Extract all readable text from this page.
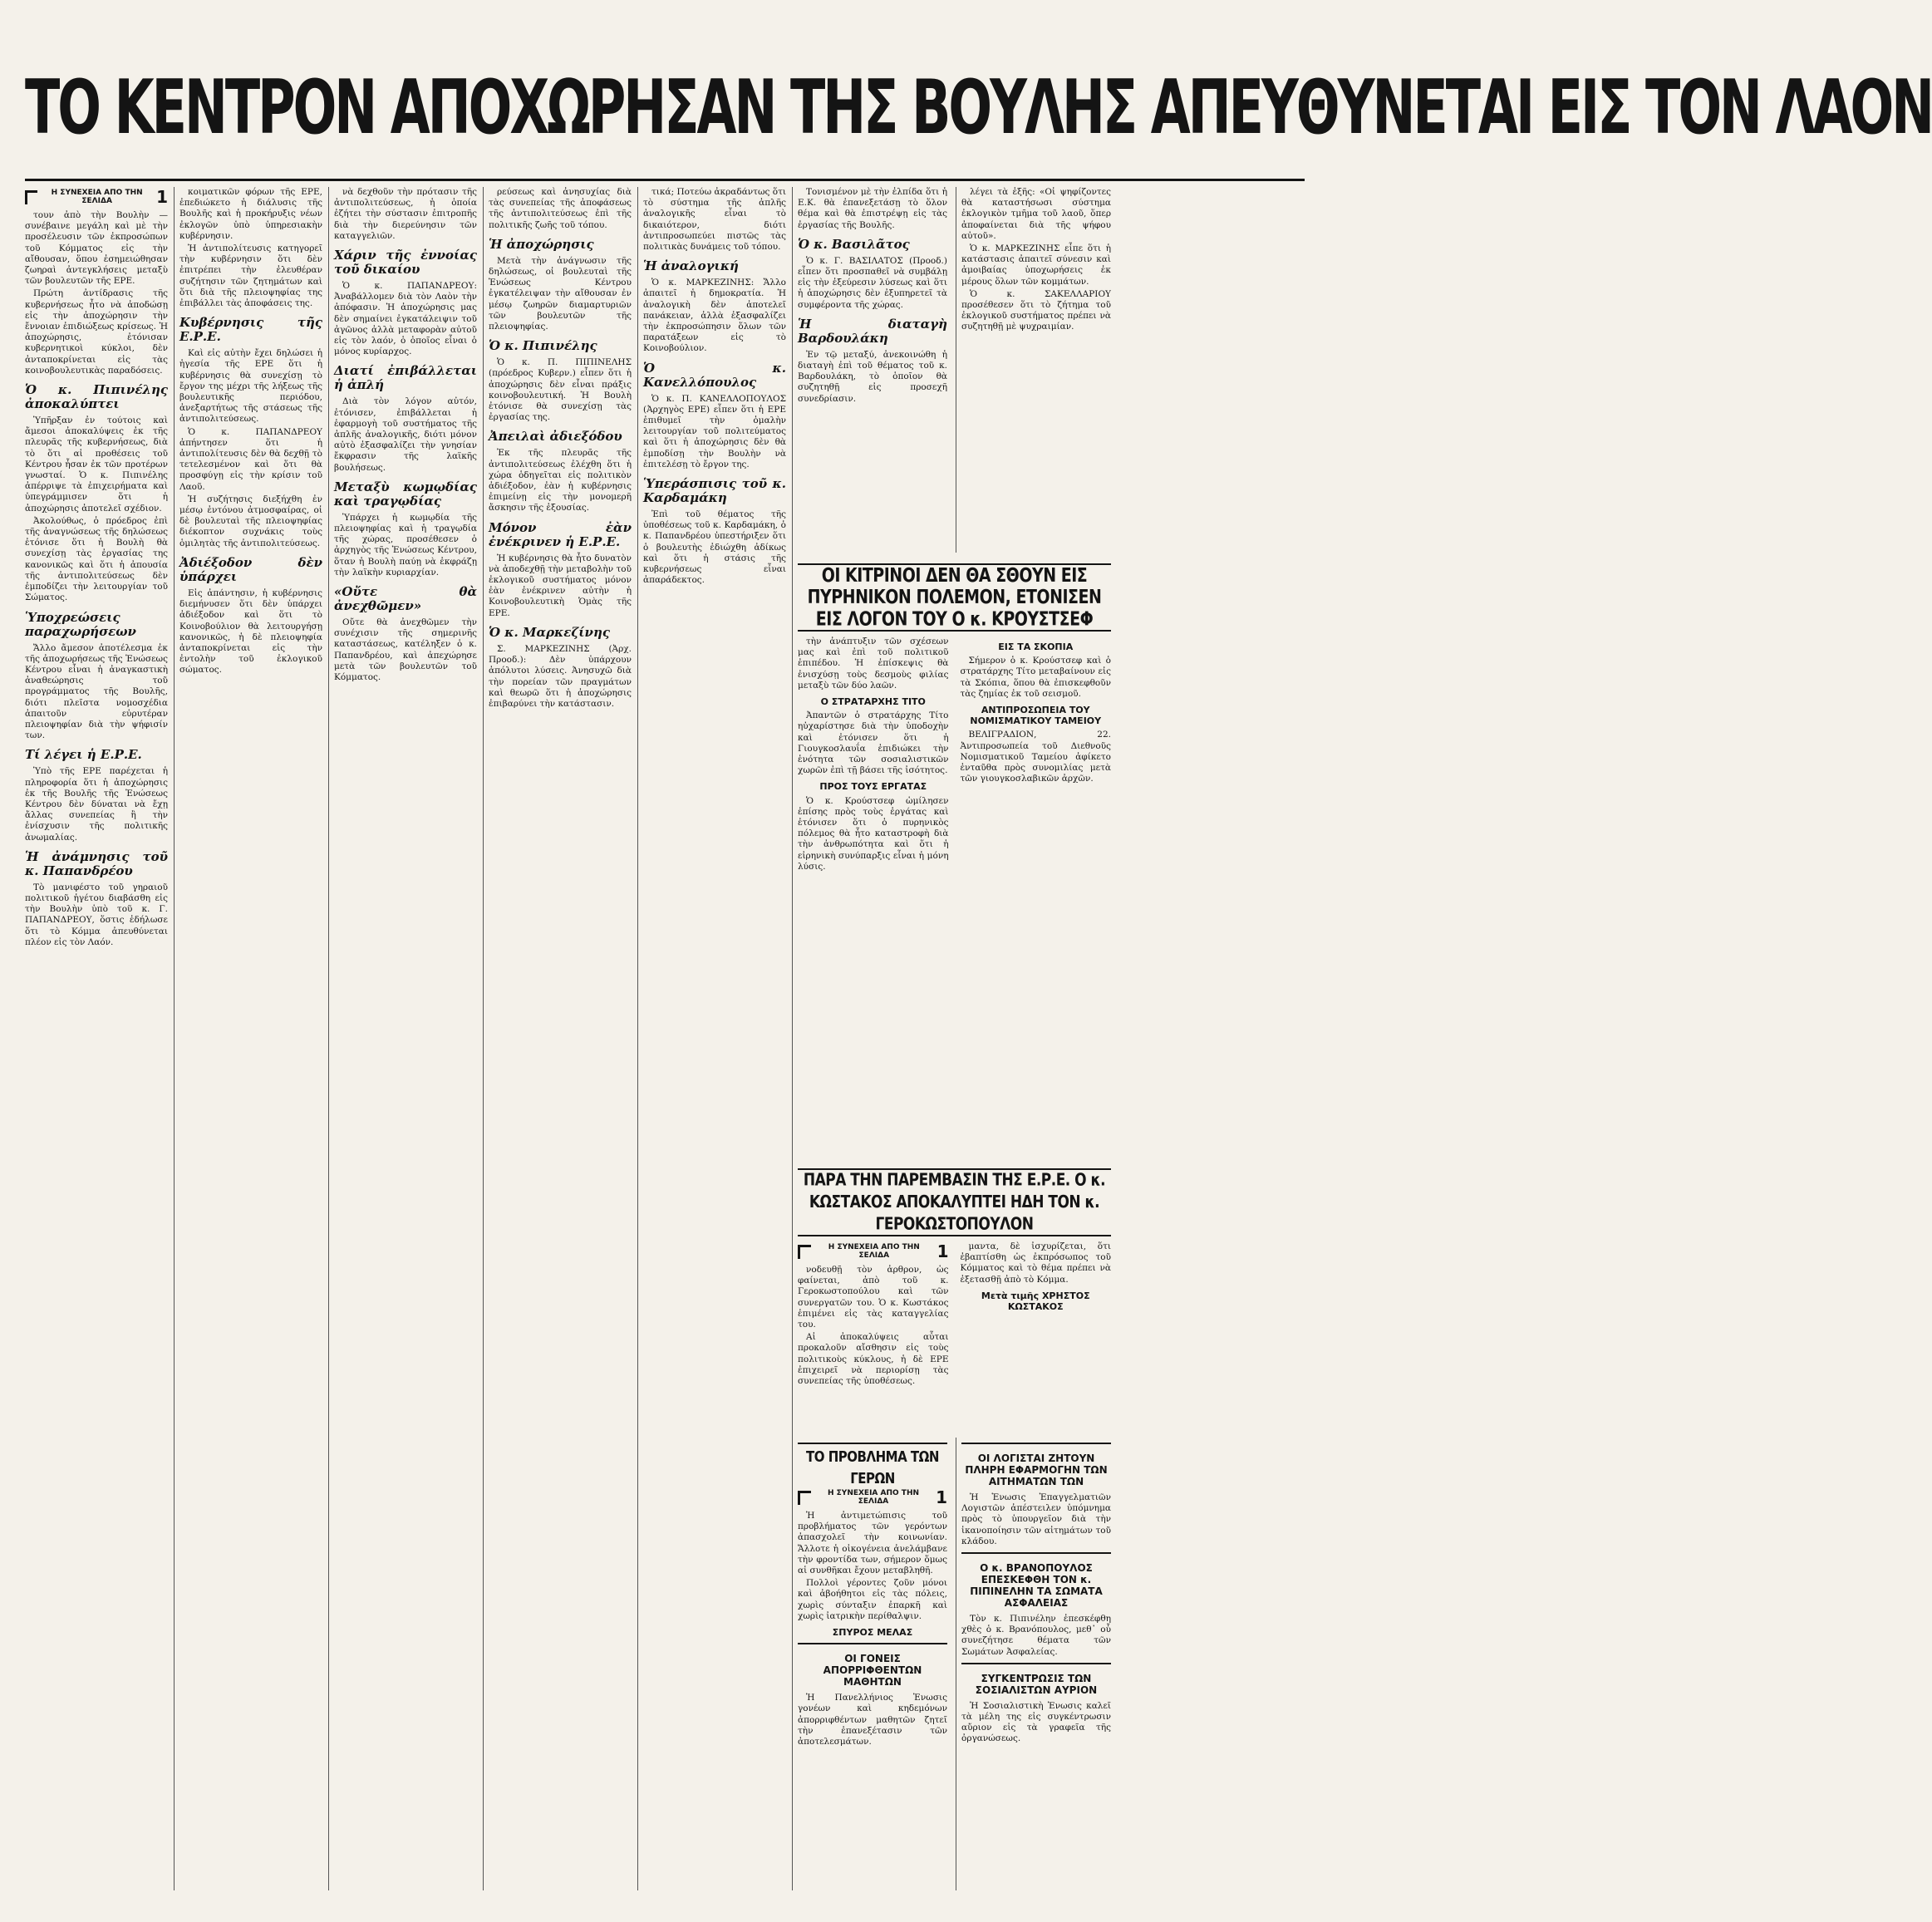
ΤΟ ΚΕΝΤΡΟΝ ΑΠΟΧΩΡΗΣΑΝ ΤΗΣ ΒΟΥΛΗΣ ΑΠΕΥΘΥΝΕΤΑΙ ΕΙΣ ΤΟΝ ΛΑΟΝ
Η ΣΥΝΕΧΕΙΑ ΑΠΟ ΤΗΝ ΣΕΛΙΔΑ	1

τουν ἀπὸ τὴν Βουλὴν — συνέβαινε μεγάλη καὶ μὲ τὴν προσέλευσιν τῶν ἐκπροσώπων τοῦ Κόμματος εἰς τὴν αἴθουσαν, ὅπου ἐσημειώθησαν ζωηραὶ ἀντεγκλήσεις μεταξὺ τῶν βουλευτῶν τῆς ΕΡΕ.

Πρώτη ἀντίδρασις τῆς κυβερνήσεως ἦτο νὰ ἀποδώσῃ εἰς τὴν ἀποχώρησιν τὴν ἔννοιαν ἐπιδιώξεως κρίσεως. Ἡ ἀποχώρησις, ἐτόνισαν κυβερνητικοὶ κύκλοι, δὲν ἀνταποκρίνεται εἰς τὰς κοινοβουλευτικὰς παραδόσεις.

Ὁ κ. Πιπινέλης ἀποκαλύπτει

Ὑπῆρξαν ἐν τούτοις καὶ ἄμεσοι ἀποκαλύψεις ἐκ τῆς πλευρᾶς τῆς κυβερνήσεως, διὰ τὸ ὅτι αἱ προθέσεις τοῦ Κέντρου ἦσαν ἐκ τῶν προτέρων γνωσταί. Ὁ κ. Πιπινέλης ἀπέρριψε τὰ ἐπιχειρήματα καὶ ὑπεγράμμισεν ὅτι ἡ ἀποχώρησις ἀποτελεῖ σχέδιον.

Ἀκολούθως, ὁ πρόεδρος ἐπὶ τῆς ἀναγνώσεως τῆς δηλώσεως ἐτόνισε ὅτι ἡ Βουλὴ θὰ συνεχίσῃ τὰς ἐργασίας της κανονικῶς καὶ ὅτι ἡ ἀπουσία τῆς ἀντιπολιτεύσεως δὲν ἐμποδίζει τὴν λειτουργίαν τοῦ Σώματος.

Ὑποχρεώσεις παραχωρήσεων

Ἄλλο ἄμεσον ἀποτέλεσμα ἐκ τῆς ἀποχωρήσεως τῆς Ἑνώσεως Κέντρου εἶναι ἡ ἀναγκαστικὴ ἀναθεώρησις τοῦ προγράμματος τῆς Βουλῆς, διότι πλεῖστα νομοσχέδια ἀπαιτοῦν εὐρυτέραν πλειοψηφίαν διὰ τὴν ψήφισίν των.

Τί λέγει ἡ Ε.Ρ.Ε.

Ὑπὸ τῆς ΕΡΕ παρέχεται ἡ πληροφορία ὅτι ἡ ἀποχώρησις ἐκ τῆς Βουλῆς τῆς Ἑνώσεως Κέντρου δὲν δύναται νὰ ἔχῃ ἄλλας συνεπείας ἢ τὴν ἐνίσχυσιν τῆς πολιτικῆς ἀνωμαλίας.

Ἡ ἀνάμνησις τοῦ κ. Παπανδρέου

Τὸ μανιφέστο τοῦ γηραιοῦ πολιτικοῦ ἡγέτου διαβάσθη εἰς τὴν Βουλὴν ὑπὸ τοῦ κ. Γ. ΠΑΠΑΝΔΡΕΟΥ, ὅστις ἐδήλωσε ὅτι τὸ Κόμμα ἀπευθύνεται πλέον εἰς τὸν Λαόν.

κοιματικῶν φόρων τῆς ΕΡΕ, ἐπεδιώκετο ἡ διάλυσις τῆς Βουλῆς καὶ ἡ προκήρυξις νέων ἐκλογῶν ὑπὸ ὑπηρεσιακὴν κυβέρνησιν.

Ἡ ἀντιπολίτευσις κατηγορεῖ τὴν κυβέρνησιν ὅτι δὲν ἐπιτρέπει τὴν ἐλευθέραν συζήτησιν τῶν ζητημάτων καὶ ὅτι διὰ τῆς πλειοψηφίας της ἐπιβάλλει τὰς ἀποφάσεις της.

Κυβέρνησις τῆς Ε.Ρ.Ε.

Καὶ εἰς αὐτὴν ἔχει δηλώσει ἡ ἡγεσία τῆς ΕΡΕ ὅτι ἡ κυβέρνησις θὰ συνεχίσῃ τὸ ἔργον της μέχρι τῆς λήξεως τῆς βουλευτικῆς περιόδου, ἀνεξαρτήτως τῆς στάσεως τῆς ἀντιπολιτεύσεως.

Ὁ κ. ΠΑΠΑΝΔΡΕΟΥ ἀπήντησεν ὅτι ἡ ἀντιπολίτευσις δὲν θὰ δεχθῇ τὸ τετελεσμένον καὶ ὅτι θὰ προσφύγῃ εἰς τὴν κρίσιν τοῦ Λαοῦ.

Ἡ συζήτησις διεξήχθη ἐν μέσῳ ἐντόνου ἀτμοσφαίρας, οἱ δὲ βουλευταὶ τῆς πλειοψηφίας διέκοπτον συχνάκις τοὺς ὁμιλητὰς τῆς ἀντιπολιτεύσεως.

Ἀδιέξοδον δὲν ὑπάρχει

Εἰς ἀπάντησιν, ἡ κυβέρνησις διεμήνυσεν ὅτι δὲν ὑπάρχει ἀδιέξοδον καὶ ὅτι τὸ Κοινοβούλιον θὰ λειτουργήσῃ κανονικῶς, ἡ δὲ πλειοψηφία ἀνταποκρίνεται εἰς τὴν ἐντολὴν τοῦ ἐκλογικοῦ σώματος.

νὰ δεχθοῦν τὴν πρότασιν τῆς ἀντιπολιτεύσεως, ἡ ὁποία ἐζήτει τὴν σύστασιν ἐπιτροπῆς διὰ τὴν διερεύνησιν τῶν καταγγελιῶν.

Χάριν τῆς ἐννοίας τοῦ δικαίου

Ὁ κ. ΠΑΠΑΝΔΡΕΟΥ: Ἀναβάλλομεν διὰ τὸν Λαὸν τὴν ἀπόφασιν. Ἡ ἀποχώρησις μας δὲν σημαίνει ἐγκατάλειψιν τοῦ ἀγῶνος ἀλλὰ μεταφορὰν αὐτοῦ εἰς τὸν λαόν, ὁ ὁποῖος εἶναι ὁ μόνος κυρίαρχος.

Διατί ἐπιβάλλεται ἡ ἀπλή

Διὰ τὸν λόγον αὐτόν, ἐτόνισεν, ἐπιβάλλεται ἡ ἐφαρμογὴ τοῦ συστήματος τῆς ἀπλῆς ἀναλογικῆς, διότι μόνον αὐτὸ ἐξασφαλίζει τὴν γνησίαν ἔκφρασιν τῆς λαϊκῆς βουλήσεως.

Μεταξὺ κωμῳδίας καὶ τραγῳδίας

Ὑπάρχει ἡ κωμῳδία τῆς πλειοψηφίας καὶ ἡ τραγῳδία τῆς χώρας, προσέθεσεν ὁ ἀρχηγὸς τῆς Ἑνώσεως Κέντρου, ὅταν ἡ Βουλὴ παύῃ νὰ ἐκφράζῃ τὴν λαϊκὴν κυριαρχίαν.

«Οὔτε θὰ ἀνεχθῶμεν»

Οὔτε θὰ ἀνεχθῶμεν τὴν συνέχισιν τῆς σημερινῆς καταστάσεως, κατέληξεν ὁ κ. Παπανδρέου, καὶ ἀπεχώρησε μετὰ τῶν βουλευτῶν τοῦ Κόμματος.

ρεύσεως καὶ ἀνησυχίας διὰ τὰς συνεπείας τῆς ἀποφάσεως τῆς ἀντιπολιτεύσεως ἐπὶ τῆς πολιτικῆς ζωῆς τοῦ τόπου.

Ἡ ἀποχώρησις

Μετὰ τὴν ἀνάγνωσιν τῆς δηλώσεως, οἱ βουλευταὶ τῆς Ἑνώσεως Κέντρου ἐγκατέλειψαν τὴν αἴθουσαν ἐν μέσῳ ζωηρῶν διαμαρτυριῶν τῶν βουλευτῶν τῆς πλειοψηφίας.

Ὁ κ. Πιπινέλης

Ὁ κ. Π. ΠΙΠΙΝΕΛΗΣ (πρόεδρος Κυβερν.) εἶπεν ὅτι ἡ ἀποχώρησις δὲν εἶναι πράξις κοινοβουλευτική. Ἡ Βουλὴ ἐτόνισε θὰ συνεχίσῃ τὰς ἐργασίας της.

Ἀπειλαὶ ἀδιεξόδου

Ἐκ τῆς πλευρᾶς τῆς ἀντιπολιτεύσεως ἐλέχθη ὅτι ἡ χώρα ὁδηγεῖται εἰς πολιτικὸν ἀδιέξοδον, ἐὰν ἡ κυβέρνησις ἐπιμείνῃ εἰς τὴν μονομερῆ ἄσκησιν τῆς ἐξουσίας.

Μόνον ἐὰν ἐνέκρινεν ἡ Ε.Ρ.Ε.

Ἡ κυβέρνησις θὰ ἦτο δυνατὸν νὰ ἀποδεχθῇ τὴν μεταβολὴν τοῦ ἐκλογικοῦ συστήματος μόνον ἐὰν ἐνέκρινεν αὐτὴν ἡ Κοινοβουλευτικὴ Ὁμὰς τῆς ΕΡΕ.

Ὁ κ. Μαρκεζίνης

Σ. ΜΑΡΚΕΖΙΝΗΣ (Ἀρχ. Προοδ.): Δὲν ὑπάρχουν ἀπόλυτοι λύσεις. Ἀνησυχῶ διὰ τὴν πορείαν τῶν πραγμάτων καὶ θεωρῶ ὅτι ἡ ἀποχώρησις ἐπιβαρύνει τὴν κατάστασιν.

τικά; Ποτεύω ἀκραδάντως ὅτι τὸ σύστημα τῆς ἀπλῆς ἀναλογικῆς εἶναι τὸ δικαιότερον, διότι ἀντιπροσωπεύει πιστῶς τὰς πολιτικὰς δυνάμεις τοῦ τόπου.

Ἡ ἀναλογική

Ὁ κ. ΜΑΡΚΕΖΙΝΗΣ: Ἄλλο ἀπαιτεῖ ἡ δημοκρατία. Ἡ ἀναλογικὴ δὲν ἀποτελεῖ πανάκειαν, ἀλλὰ ἐξασφαλίζει τὴν ἐκπροσώπησιν ὅλων τῶν παρατάξεων εἰς τὸ Κοινοβούλιον.

Ὁ κ. Κανελλόπουλος

Ὁ κ. Π. ΚΑΝΕΛΛΟΠΟΥΛΟΣ (Ἀρχηγὸς ΕΡΕ) εἶπεν ὅτι ἡ ΕΡΕ ἐπιθυμεῖ τὴν ὁμαλὴν λειτουργίαν τοῦ πολιτεύματος καὶ ὅτι ἡ ἀποχώρησις δὲν θὰ ἐμποδίσῃ τὴν Βουλὴν νὰ ἐπιτελέσῃ τὸ ἔργον της.

Ὑπεράσπισις τοῦ κ. Καρδαμάκη

Ἐπὶ τοῦ θέματος τῆς ὑποθέσεως τοῦ κ. Καρδαμάκη, ὁ κ. Παπανδρέου ὑπεστήριξεν ὅτι ὁ βουλευτὴς ἐδιώχθη ἀδίκως καὶ ὅτι ἡ στάσις τῆς κυβερνήσεως εἶναι ἀπαράδεκτος.

Τονισμένον μὲ τὴν ἐλπίδα ὅτι ἡ Ε.Κ. θὰ ἐπανεξετάσῃ τὸ ὅλον θέμα καὶ θὰ ἐπιστρέψῃ εἰς τὰς ἐργασίας τῆς Βουλῆς.

Ὁ κ. Βασιλᾶτος

Ὁ κ. Γ. ΒΑΣΙΛΑΤΟΣ (Προοδ.) εἶπεν ὅτι προσπαθεῖ νὰ συμβάλῃ εἰς τὴν ἐξεύρεσιν λύσεως καὶ ὅτι ἡ ἀποχώρησις δὲν ἐξυπηρετεῖ τὰ συμφέροντα τῆς χώρας.

Ἡ διαταγὴ Βαρδουλάκη

Ἐν τῷ μεταξύ, ἀνεκοινώθη ἡ διαταγὴ ἐπὶ τοῦ θέματος τοῦ κ. Βαρδουλάκη, τὸ ὁποῖον θὰ συζητηθῇ εἰς προσεχῆ συνεδρίασιν.

λέγει τὰ ἑξῆς: «Οἱ ψηφίζοντες θὰ καταστήσωσι σύστημα ἐκλογικὸν τμῆμα τοῦ λαοῦ, ὅπερ ἀποφαίνεται διὰ τῆς ψήφου αὐτοῦ».

Ὁ κ. ΜΑΡΚΕΖΙΝΗΣ εἶπε ὅτι ἡ κατάστασις ἀπαιτεῖ σύνεσιν καὶ ἀμοιβαίας ὑποχωρήσεις ἐκ μέρους ὅλων τῶν κομμάτων.

Ὁ κ. ΣΑΚΕΛΛΑΡΙΟΥ προσέθεσεν ὅτι τὸ ζήτημα τοῦ ἐκλογικοῦ συστήματος πρέπει νὰ συζητηθῇ μὲ ψυχραιμίαν.

ΟΙ ΚΙΤΡΙΝΟΙ ΔΕΝ ΘΑ ΣΘΟΥΝ ΕΙΣ ΠΥΡΗΝΙΚΟΝ ΠΟΛΕΜΟΝ, ΕΤΟΝΙΣΕΝ ΕΙΣ ΛΟΓΟΝ ΤΟΥ Ο κ. ΚΡΟΥΣΤΣΕΦ

τὴν ἀνάπτυξιν τῶν σχέσεων μας καὶ ἐπὶ τοῦ πολιτικοῦ ἐπιπέδου. Ἡ ἐπίσκεψις θὰ ἐνισχύσῃ τοὺς δεσμοὺς φιλίας μεταξὺ τῶν δύο λαῶν.

Ο ΣΤΡΑΤΑΡΧΗΣ ΤΙΤΟ

Ἀπαντῶν ὁ στρατάρχης Τίτο ηὐχαρίστησε διὰ τὴν ὑποδοχὴν καὶ ἐτόνισεν ὅτι ἡ Γιουγκοσλαυΐα ἐπιδιώκει τὴν ἑνότητα τῶν σοσιαλιστικῶν χωρῶν ἐπὶ τῇ βάσει τῆς ἰσότητος.

ΠΡΟΣ ΤΟΥΣ ΕΡΓΑΤΑΣ

Ὁ κ. Κρούστσεφ ὡμίλησεν ἐπίσης πρὸς τοὺς ἐργάτας καὶ ἐτόνισεν ὅτι ὁ πυρηνικὸς πόλεμος θὰ ἦτο καταστροφὴ διὰ τὴν ἀνθρωπότητα καὶ ὅτι ἡ εἰρηνικὴ συνύπαρξις εἶναι ἡ μόνη λύσις.

ΕΙΣ ΤΑ ΣΚΟΠΙΑ

Σήμερον ὁ κ. Κρούστσεφ καὶ ὁ στρατάρχης Τίτο μεταβαίνουν εἰς τὰ Σκόπια, ὅπου θὰ ἐπισκεφθοῦν τὰς ζημίας ἐκ τοῦ σεισμοῦ.

ΑΝΤΙΠΡΟΣΩΠΕΙΑ ΤΟΥ ΝΟΜΙΣΜΑΤΙΚΟΥ ΤΑΜΕΙΟΥ

ΒΕΛΙΓΡΑΔΙΟΝ, 22. Ἀντιπροσωπεία τοῦ Διεθνοῦς Νομισματικοῦ Ταμείου ἀφίκετο ἐνταῦθα πρὸς συνομιλίας μετὰ τῶν γιουγκοσλαβικῶν ἀρχῶν.

ΠΑΡΑ ΤΗΝ ΠΑΡΕΜΒΑΣΙΝ ΤΗΣ Ε.Ρ.Ε. Ο κ. ΚΩΣΤΑΚΟΣ ΑΠΟΚΑΛΥΠΤΕΙ ΗΔΗ ΤΟΝ κ. ΓΕΡΟΚΩΣΤΟΠΟΥΛΟΝ
Η ΣΥΝΕΧΕΙΑ ΑΠΟ ΤΗΝ ΣΕΛΙΔΑ	1

νοδευθῇ τὸν ἀρθρον, ὡς φαίνεται, ἀπὸ τοῦ κ. Γεροκωστοπούλου καὶ τῶν συνεργατῶν του. Ὁ κ. Κωστάκος ἐπιμένει εἰς τὰς καταγγελίας του.

Αἱ ἀποκαλύψεις αὗται προκαλοῦν αἴσθησιν εἰς τοὺς πολιτικοὺς κύκλους, ἡ δὲ ΕΡΕ ἐπιχειρεῖ νὰ περιορίσῃ τὰς συνεπείας τῆς ὑποθέσεως.

μαντα, δὲ ἰσχυρίζεται, ὅτι ἐβαπτίσθη ὡς ἐκπρόσωπος τοῦ Κόμματος καὶ τὸ θέμα πρέπει νὰ ἐξετασθῇ ἀπὸ τὸ Κόμμα.

Μετὰ τιμῆς ΧΡΗΣΤΟΣ ΚΩΣΤΑΚΟΣ
ΤΟ ΠΡΟΒΛΗΜΑ ΤΩΝ ΓΕΡΩΝ
Η ΣΥΝΕΧΕΙΑ ΑΠΟ ΤΗΝ ΣΕΛΙΔΑ	1

Ἡ ἀντιμετώπισις τοῦ προβλήματος τῶν γερόντων ἀπασχολεῖ τὴν κοινωνίαν. Ἄλλοτε ἡ οἰκογένεια ἀνελάμβανε τὴν φροντίδα των, σήμερον ὅμως αἱ συνθῆκαι ἔχουν μεταβληθῆ.

Πολλοὶ γέροντες ζοῦν μόνοι καὶ ἀβοήθητοι εἰς τὰς πόλεις, χωρὶς σύνταξιν ἐπαρκῆ καὶ χωρὶς ἰατρικὴν περίθαλψιν.

ΣΠΥΡΟΣ ΜΕΛΑΣ
ΟΙ ΓΟΝΕΙΣ ΑΠΟΡΡΙΦΘΕΝΤΩΝ ΜΑΘΗΤΩΝ

Ἡ Πανελλήνιος Ἑνωσις γονέων καὶ κηδεμόνων ἀπορριφθέντων μαθητῶν ζητεῖ τὴν ἐπανεξέτασιν τῶν ἀποτελεσμάτων.

ΟΙ ΛΟΓΙΣΤΑΙ ΖΗΤΟΥΝ ΠΛΗΡΗ ΕΦΑΡΜΟΓΗΝ ΤΩΝ ΑΙΤΗΜΑΤΩΝ ΤΩΝ

Ἡ Ἑνωσις Ἐπαγγελματιῶν Λογιστῶν ἀπέστειλεν ὑπόμνημα πρὸς τὸ ὑπουργεῖον διὰ τὴν ἱκανοποίησιν τῶν αἰτημάτων τοῦ κλάδου.

Ο κ. ΒΡΑΝΟΠΟΥΛΟΣ ΕΠΕΣΚΕΦΘΗ ΤΟΝ κ. ΠΙΠΙΝΕΛΗΝ ΤΑ ΣΩΜΑΤΑ ΑΣΦΑΛΕΙΑΣ

Τὸν κ. Πιπινέλην ἐπεσκέφθη χθὲς ὁ κ. Βρανόπουλος, μεθ᾽ οὗ συνεζήτησε θέματα τῶν Σωμάτων Ἀσφαλείας.

ΣΥΓΚΕΝΤΡΩΣΙΣ ΤΩΝ ΣΟΣΙΑΛΙΣΤΩΝ ΑΥΡΙΟΝ

Ἡ Σοσιαλιστικὴ Ἑνωσις καλεῖ τὰ μέλη της εἰς συγκέντρωσιν αὔριον εἰς τὰ γραφεῖα τῆς ὀργανώσεως.
